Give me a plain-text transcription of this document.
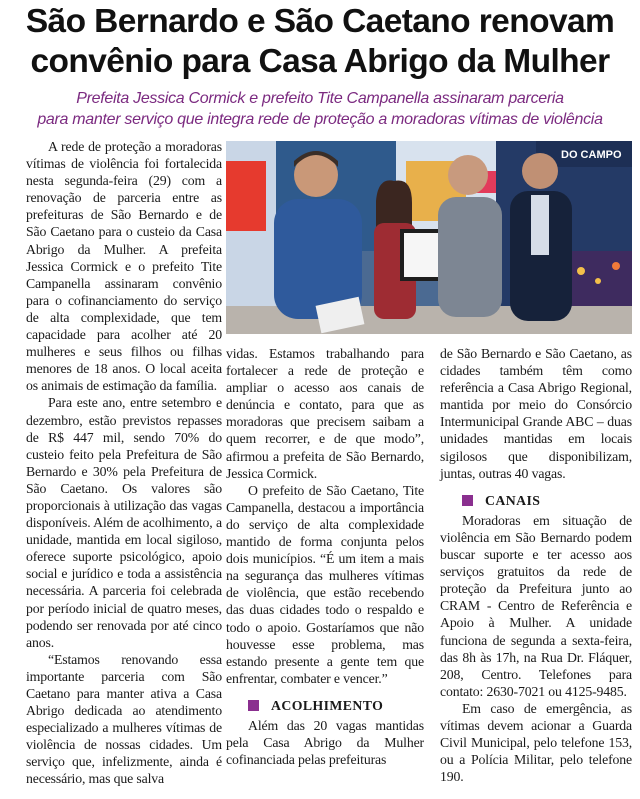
São Bernardo e São Caetano renovam
convênio para Casa Abrigo da Mulher
Prefeita Jessica Cormick e prefeito Tite Campanella assinaram parceria
para manter serviço que integra rede de proteção a moradoras vítimas de violência

A rede de proteção a moradoras vítimas de violência foi fortalecida nesta segunda-feira (29) com a renovação de parceria entre as prefeituras de São Bernardo e de São Caetano para o custeio da Casa Abrigo da Mulher. A prefeita Jessica Cormick e o prefeito Tite Campanella assinaram convênio para o cofinanciamento do serviço de alta complexidade, que tem capacidade para acolher até 20 mulheres e seus filhos ou filhas menores de 18 anos. O local aceita os animais de estimação da família.

Para este ano, entre setembro e dezembro, estão previstos repasses de R$ 447 mil, sendo 70% do custeio feito pela Prefeitura de São Bernardo e 30% pela Prefeitura de São Caetano. Os valores são proporcionais à utilização das vagas disponíveis. Além de acolhimento, a unidade, mantida em local sigiloso, oferece suporte psicológico, apoio social e jurídico e toda a assistência necessária. A parceria foi celebrada por período inicial de quatro meses, podendo ser renovada por até cinco anos.

“Estamos renovando essa importante parceria com São Caetano para manter ativa a Casa Abrigo dedicada ao atendimento especializado a mulheres vítimas de violência de nossas cidades. Um serviço que, infelizmente, ainda é necessário, mas que salva

DO CAMPO

vidas. Estamos trabalhando para fortalecer a rede de proteção e ampliar o acesso aos canais de denúncia e contato, para que as moradoras que precisem saibam a quem recorrer, e de que modo”, afirmou a prefeita de São Bernardo, Jessica Cormick.

O prefeito de São Caetano, Tite Campanella, destacou a importância do serviço de alta complexidade mantido de forma conjunta pelos dois municípios. “É um item a mais na segurança das mulheres vítimas de violência, que estão recebendo das duas cidades todo o respaldo e todo o apoio. Gostaríamos que não houvesse esse problema, mas estando presente a gente tem que enfrentar, combater e vencer.”

ACOLHIMENTO

Além das 20 vagas mantidas pela Casa Abrigo da Mulher cofinanciada pelas prefeituras

de São Bernardo e São Caetano, as cidades também têm como referência a Casa Abrigo Regional, mantida por meio do Consórcio Intermunicipal Grande ABC – duas unidades mantidas em locais sigilosos que disponibilizam, juntas, outras 40 vagas.

CANAIS

Moradoras em situação de violência em São Bernardo podem buscar suporte e ter acesso aos serviços gratuitos da rede de proteção da Prefeitura junto ao CRAM - Centro de Referência e Apoio à Mulher. A unidade funciona de segunda a sexta-feira, das 8h às 17h, na Rua Dr. Fláquer, 208, Centro. Telefones para contato: 2630-7021 ou 4125-9485.

Em caso de emergência, as vítimas devem acionar a Guarda Civil Municipal, pelo telefone 153, ou a Polícia Militar, pelo telefone 190.
